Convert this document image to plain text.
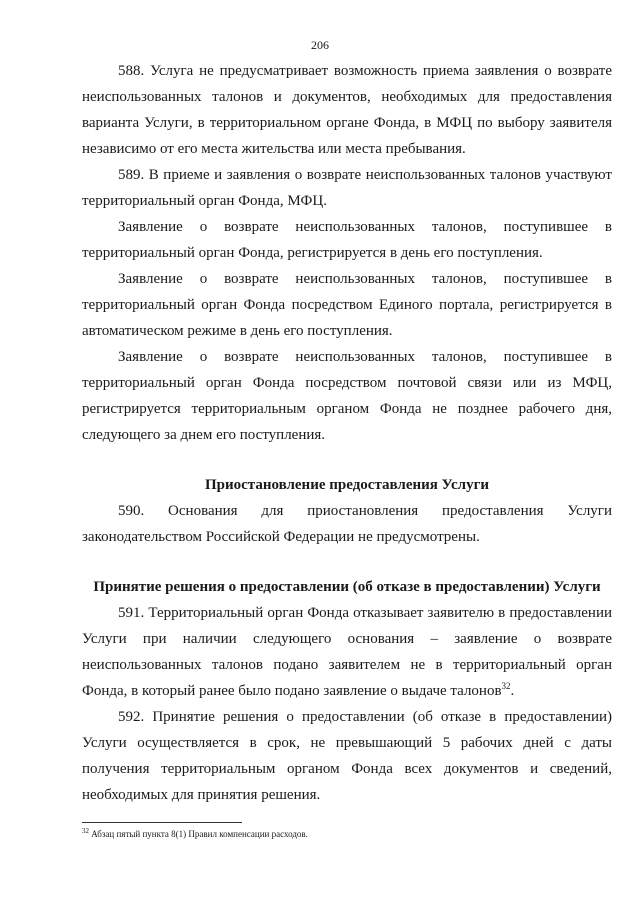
206

588. Услуга не предусматривает возможность приема заявления о возврате неиспользованных талонов и документов, необходимых для предоставления варианта Услуги, в территориальном органе Фонда, в МФЦ по выбору заявителя независимо от его места жительства или места пребывания.

589. В приеме и заявления о возврате неиспользованных талонов участвуют территориальный орган Фонда, МФЦ.

Заявление о возврате неиспользованных талонов, поступившее в территориальный орган Фонда, регистрируется в день его поступления.

Заявление о возврате неиспользованных талонов, поступившее в территориальный орган Фонда посредством Единого портала, регистрируется в автоматическом режиме в день его поступления.

Заявление о возврате неиспользованных талонов, поступившее в территориальный орган Фонда посредством почтовой связи или из МФЦ, регистрируется территориальным органом Фонда не позднее рабочего дня, следующего за днем его поступления.

Приостановление предоставления Услуги

590. Основания для приостановления предоставления Услуги законодательством Российской Федерации не предусмотрены.

Принятие решения о предоставлении (об отказе в предоставлении) Услуги

591. Территориальный орган Фонда отказывает заявителю в предоставлении Услуги при наличии следующего основания – заявление о возврате неиспользованных талонов подано заявителем не в территориальный орган Фонда, в который ранее было подано заявление о выдаче талонов$^{32}$.

592. Принятие решения о предоставлении (об отказе в предоставлении) Услуги осуществляется в срок, не превышающий 5 рабочих дней с даты получения территориальным органом Фонда всех документов и сведений, необходимых для принятия решения.

$^{32}$ Абзац пятый пункта 8(1) Правил компенсации расходов.
